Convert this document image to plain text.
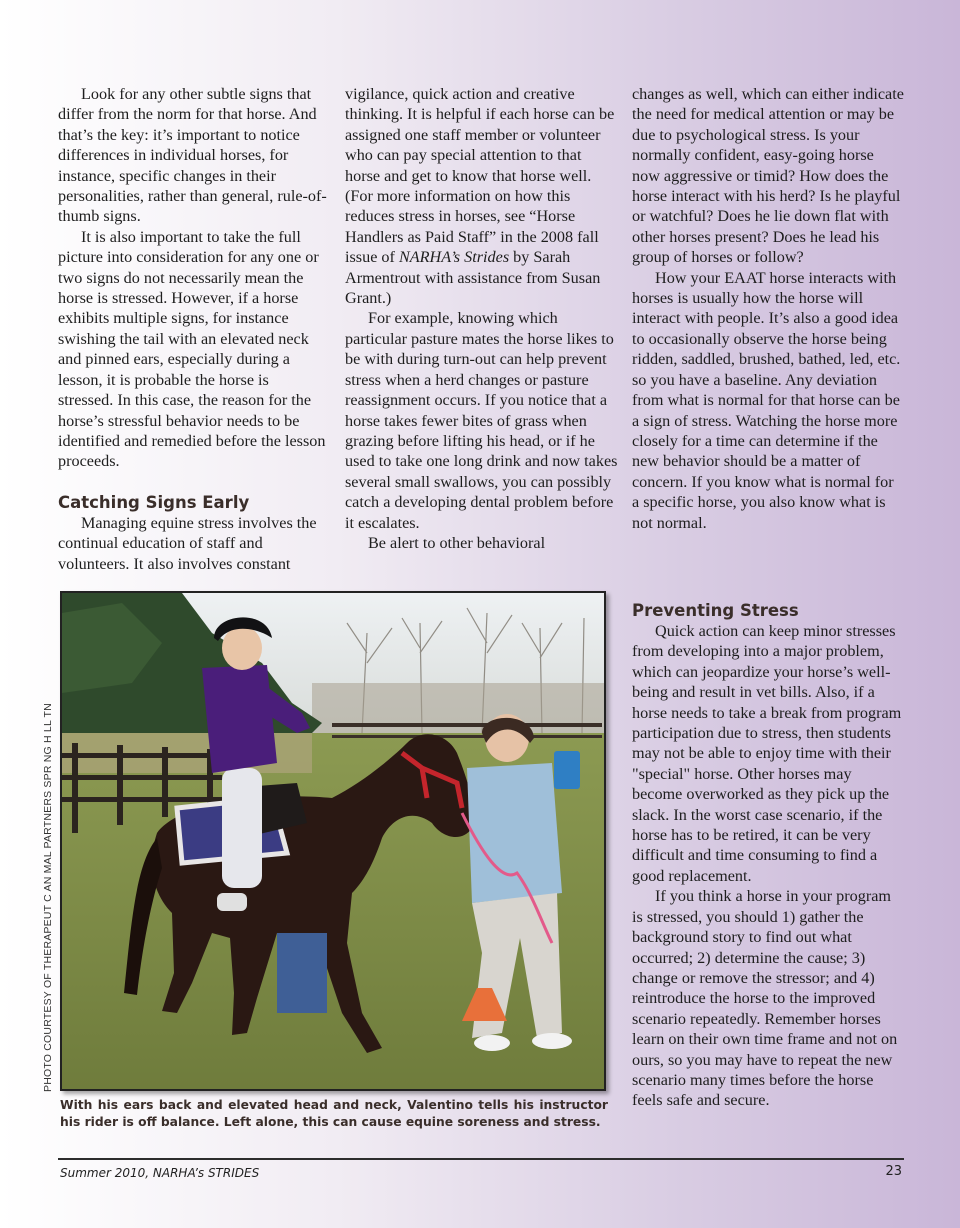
Look for any other subtle signs that differ from the norm for that horse. And that’s the key: it’s important to notice differences in individual horses, for instance, specific changes in their personalities, rather than general, rule-of-thumb signs.

It is also important to take the full picture into consideration for any one or two signs do not necessarily mean the horse is stressed. However, if a horse exhibits multiple signs, for instance swishing the tail with an elevated neck and pinned ears, especially during a lesson, it is probable the horse is stressed. In this case, the reason for the horse’s stressful behavior needs to be identified and remedied before the lesson proceeds.

Catching Signs Early

Managing equine stress involves the continual education of staff and volunteers. It also involves constant

vigilance, quick action and creative thinking. It is helpful if each horse can be assigned one staff member or volunteer who can pay special attention to that horse and get to know that horse well. (For more information on how this reduces stress in horses, see “Horse Handlers as Paid Staff” in the 2008 fall issue of NARHA’s Strides by Sarah Armentrout with assistance from Susan Grant.)

For example, knowing which particular pasture mates the horse likes to be with during turn-out can help prevent stress when a herd changes or pasture reassignment occurs. If you notice that a horse takes fewer bites of grass when grazing before lifting his head, or if he used to take one long drink and now takes several small swallows, you can possibly catch a developing dental problem before it escalates.

Be alert to other behavioral

changes as well, which can either indicate the need for medical attention or may be due to psychological stress. Is your normally confident, easy-going horse now aggressive or timid? How does the horse interact with his herd? Is he playful or watchful? Does he lie down flat with other horses present? Does he lead his group of horses or follow?

How your EAAT horse interacts with horses is usually how the horse will interact with people. It’s also a good idea to occasionally observe the horse being ridden, saddled, brushed, bathed, led, etc. so you have a baseline. Any deviation from what is normal for that horse can be a sign of stress. Watching the horse more closely for a time can determine if the new behavior should be a matter of concern. If you know what is normal for a specific horse, you also know what is not normal.

Preventing Stress

Quick action can keep minor stresses from developing into a major problem, which can jeopardize your horse’s well-being and result in vet bills. Also, if a horse needs to take a break from program participation due to stress, then students may not be able to enjoy time with their "special" horse. Other horses may become overworked as they pick up the slack. In the worst case scenario, if the horse has to be retired, it can be very difficult and time consuming to find a good replacement.

If you think a horse in your program is stressed, you should 1) gather the background story to find out what occurred; 2) determine the cause; 3) change or remove the stressor; and 4) reintroduce the horse to the improved scenario repeatedly. Remember horses learn on their own time frame and not on ours, so you may have to repeat the new scenario many times before the horse feels safe and secure.

PHOTO COURTESY OF THERAPEUT C AN MAL PARTNERS SPR NG H LL TN
With his ears back and elevated head and neck, Valentino tells his instructor his rider is off balance. Left alone, this can cause equine soreness and stress.
Summer 2010, NARHA’s STRIDES	23
